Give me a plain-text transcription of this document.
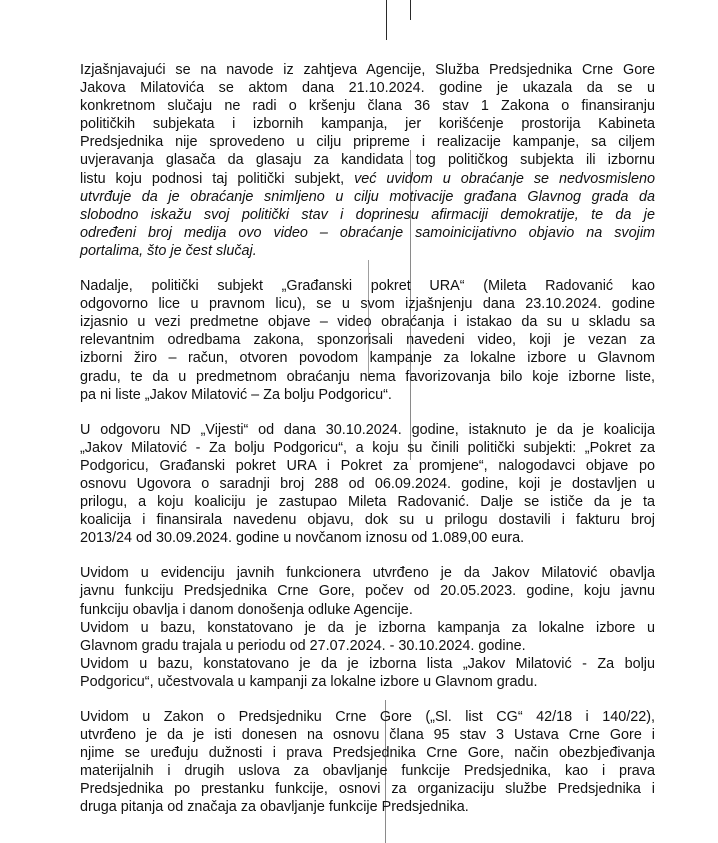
Izjašnjavajući se na navode iz zahtjeva Agencije, Služba Predsjednika Crne Gore
Jakova Milatovića se aktom dana 21.10.2024. godine je ukazala da se u
konkretnom slučaju ne radi o kršenju člana 36 stav 1 Zakona o finansiranju
političkih subjekata i izbornih kampanja, jer korišćenje prostorija Kabineta
Predsjednika nije sprovedeno u cilju pripreme i realizacije kampanje, sa ciljem
uvjeravanja glasača da glasaju za kandidata tog političkog subjekta ili izbornu
listu koju podnosi taj politički subjekt, već uvidom u obraćanje se nedvosmisleno
utvrđuje da je obraćanje snimljeno u cilju motivacije građana Glavnog grada da
slobodno iskažu svoj politički stav i doprinesu afirmaciji demokratije, te da je
određeni broj medija ovo video – obraćanje samoinicijativno objavio na svojim
portalima, što je čest slučaj.

Nadalje, politički subjekt „Građanski pokret URA“ (Mileta Radovanić kao
odgovorno lice u pravnom licu), se u svom izjašnjenju dana 23.10.2024. godine
izjasnio u vezi predmetne objave – video obraćanja i istakao da su u skladu sa
relevantnim odredbama zakona, sponzorisali navedeni video, koji je vezan za
izborni žiro – račun, otvoren povodom kampanje za lokalne izbore u Glavnom
gradu, te da u predmetnom obraćanju nema favorizovanja bilo koje izborne liste,
pa ni liste „Jakov Milatović – Za bolju Podgoricu“.

U odgovoru ND „Vijesti“ od dana 30.10.2024. godine, istaknuto je da je koalicija
„Jakov Milatović - Za bolju Podgoricu“, a koju su činili politički subjekti: „Pokret za
Podgoricu, Građanski pokret URA i Pokret za promjene“, nalogodavci objave po
osnovu Ugovora o saradnji broj 288 od 06.09.2024. godine, koji je dostavljen u
prilogu, a koju koaliciju je zastupao Mileta Radovanić. Dalje se ističe da je ta
koalicija i finansirala navedenu objavu, dok su u prilogu dostavili i fakturu broj
2013/24 od 30.09.2024. godine u novčanom iznosu od 1.089,00 eura.

Uvidom u evidenciju javnih funkcionera utvrđeno je da Jakov Milatović obavlja
javnu funkciju Predsjednika Crne Gore, počev od 20.05.2023. godine, koju javnu
funkciju obavlja i danom donošenja odluke Agencije.

Uvidom u bazu, konstatovano je da je izborna kampanja za lokalne izbore u
Glavnom gradu trajala u periodu od 27.07.2024. - 30.10.2024. godine.

Uvidom u bazu, konstatovano je da je izborna lista „Jakov Milatović - Za bolju
Podgoricu“, učestvovala u kampanji za lokalne izbore u Glavnom gradu.

Uvidom u Zakon o Predsjedniku Crne Gore („Sl. list CG“ 42/18 i 140/22),
utvrđeno je da je isti donesen na osnovu člana 95 stav 3 Ustava Crne Gore i
njime se uređuju dužnosti i prava Predsjednika Crne Gore, način obezbjeđivanja
materijalnih i drugih uslova za obavljanje funkcije Predsjednika, kao i prava
Predsjednika po prestanku funkcije, osnovi za organizaciju službe Predsjednika i
druga pitanja od značaja za obavljanje funkcije Predsjednika.
